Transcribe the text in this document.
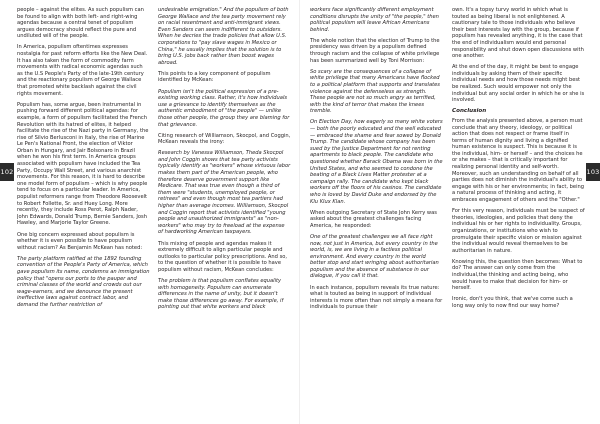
102	103

people – against the elites. As such populism can be found to align with both left- and right-wing agendas because a central tenet of populism argues democracy should reflect the pure and undiluted will of the people.

In America, populism oftentimes expresses nostalgia for past reform efforts like the New Deal. It has also taken the form of commodity farm movements with radical economic agendas such as the U.S People's Party of the late-19th century and the reactionary populism of George Wallace that promoted white backlash against the civil rights movement.

Populism has, some argue, been instrumental in pushing forward different political agendas: for example, a form of populism facilitated the French Revolution with its hatred of elites, it helped facilitate the rise of the Nazi party in Germany, the rise of Silvio Berlusconi in Italy, the rise of Marine Le Pen's National Front, the election of Viktor Orban in Hungary, and Jair Bolsonaro in Brazil when he won his first term. In America groups associated with populism have included the Tea Party, Occupy Wall Street, and various anarchist movements. For this reason, it is hard to describe one model form of populism – which is why people tend to focus on a particular leader. In America, populist reformers range from Theodore Roosevelt to Robert Follette, Sr. and Huey Long. More recently, they include Ross Perot, Ralph Nader, John Edwards, Donald Trump, Bernie Sanders, Josh Hawley, and Marjorie Taylor Greene.

One big concern expressed about populism is whether it is even possible to have populism without racism? As Benjamin McKean has noted:

The party platform ratified at the 1892 founding convention of the People's Party of America, which gave populism its name, condemns an immigration policy that "opens our ports to the pauper and criminal classes of the world and crowds out our wage-earners, and we denounce the present ineffective laws against contract labor, and demand the further restriction of

undesirable emigration." And the populism of both George Wallace and the tea party movement rely on racial resentment and anti-immigrant views. Even Sanders can seem indifferent to outsiders. When he decries the trade policies that allow U.S. corporations to "pay slave wages in Mexico or China," he usually implies that the solution is to bring U.S. jobs back rather than boost wages abroad.

This points to a key component of populism identified by McKean:

Populism isn't the political expression of a pre-existing working class. Rather, it's how individuals use a grievance to identify themselves as the authentic embodiment of "the people" — unlike those other people, the group they are blaming for that grievance.

Citing research of Williamson, Skocpol, and Coggin, McKean reveals the irony:

Research by Vanessa Williamson, Theda Skocpol and John Coggin shows that tea party activists typically identify as "workers" whose virtuous labor makes them part of the American people, who therefore deserve government support like Medicare. That was true even though a third of them were "students, unemployed people, or retirees" and even though most tea partiers had higher than average incomes. Williamson, Skocpol and Coggin report that activists identified "young people and unauthorized immigrants" as "non-workers" who may try to freeload at the expense of hardworking American taxpayers.

This mixing of people and agendas makes it extremely difficult to align particular people and outlooks to particular policy prescriptions. And so, to the question of whether it is possible to have populism without racism, McKean concludes:

The problem is that populism conflates equality with homogeneity. Populism can enumerate differences in the name of unity, but it doesn't make those differences go away. For example, if pointing out that white workers and black

workers face significantly different employment conditions disrupts the unity of "the people," then political populism will leave African Americans behind.

The whole notion that the election of Trump to the presidency was driven by a populism defined through racism and the collapse of white privilege has been summarized well by Toni Morrison:

So scary are the consequences of a collapse of white privilege that many Americans have flocked to a political platform that supports and translates violence against the defenseless as strength. These people are not so much angry as terrified, with the kind of terror that makes the knees tremble.

On Election Day, how eagerly so many white voters — both the poorly educated and the well educated — embraced the shame and fear sowed by Donald Trump. The candidate whose company has been sued by the Justice Department for not renting apartments to black people. The candidate who questioned whether Barack Obama was born in the United States, and who seemed to condone the beating of a Black Lives Matter protester at a campaign rally. The candidate who kept black workers off the floors of his casinos. The candidate who is loved by David Duke and endorsed by the Klu Klux Klan.

When outgoing Secretary of State John Kerry was asked about the greatest challenges facing America, he responded:

One of the greatest challenges we all face right now, not just in America, but every country in the world, is, we are living in a factless political environment. And every country in the world better stop and start wringing about authoritarian populism and the absence of substance in our dialogue, if you call it that.

In each instance, populism reveals its true nature: what is touted as being in support of individual interests is more often than not simply a means for individuals to pursue their

own. It's a topsy turvy world in which what is touted as being liberal is not enlightened. A cautionary tale to those individuals who believe their best interests lay with the group, because if populism has revealed anything, it is the case that the end of individualism would end personal responsibility and shut down open discussions with one another.

At the end of the day, it might be best to engage individuals by asking them of their specific individual needs and how those needs might best be realized. Such would empower not only the individual but any social order in which he or she is involved.

Conclusion

From the analysis presented above, a person must conclude that any theory, ideology, or political action that does not respect or frame itself in terms of human dignity and living a dignified human existence is suspect. This is because it is the individual, him- or herself – and the choices he or she makes – that is critically important for realizing personal identity and self-worth. Moreover, such an understanding on behalf of all parties does not diminish the individual's ability to engage with his or her environments; in fact, being a natural process of thinking and acting, it embraces engagement of others and the "Other."

For this very reason, individuals must be suspect of theories, ideologies, and policies that deny the individual his or her rights to individuality. Groups, organizations, or institutions who wish to promulgate their specific vision or mission against the individual would reveal themselves to be authoritarian in nature.

Knowing this, the question then becomes: What to do? The answer can only come from the individual,the thinking and acting being, who would have to make that decision for him- or herself.

Ironic, don't you think, that we've come such a long way only to now find our way home?
